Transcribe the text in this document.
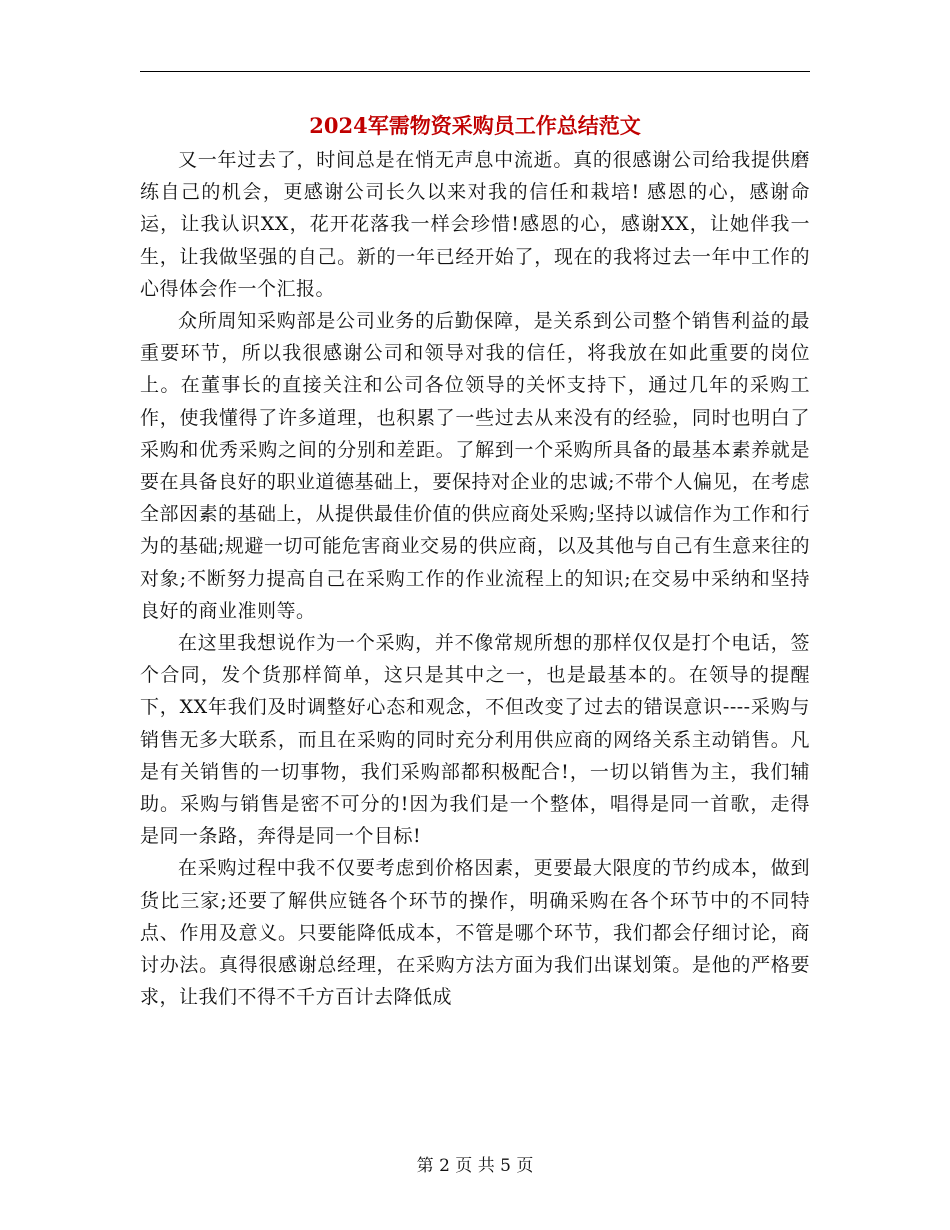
2024军需物资采购员工作总结范文

又一年过去了，时间总是在悄无声息中流逝。真的很感谢公司给我提供磨练自己的机会，更感谢公司长久以来对我的信任和栽培! 感恩的心，感谢命运，让我认识XX，花开花落我一样会珍惜!感恩的心，感谢XX，让她伴我一生，让我做坚强的自己。新的一年已经开始了，现在的我将过去一年中工作的心得体会作一个汇报。

众所周知采购部是公司业务的后勤保障，是关系到公司整个销售利益的最重要环节，所以我很感谢公司和领导对我的信任，将我放在如此重要的岗位上。在董事长的直接关注和公司各位领导的关怀支持下，通过几年的采购工作，使我懂得了许多道理，也积累了一些过去从来没有的经验，同时也明白了采购和优秀采购之间的分别和差距。了解到一个采购所具备的最基本素养就是要在具备良好的职业道德基础上，要保持对企业的忠诚;不带个人偏见，在考虑全部因素的基础上，从提供最佳价值的供应商处采购;坚持以诚信作为工作和行为的基础;规避一切可能危害商业交易的供应商，以及其他与自己有生意来往的对象;不断努力提高自己在采购工作的作业流程上的知识;在交易中采纳和坚持良好的商业准则等。

在这里我想说作为一个采购，并不像常规所想的那样仅仅是打个电话，签个合同，发个货那样简单，这只是其中之一，也是最基本的。在领导的提醒下，XX年我们及时调整好心态和观念，不但改变了过去的错误意识----采购与销售无多大联系，而且在采购的同时充分利用供应商的网络关系主动销售。凡是有关销售的一切事物，我们采购部都积极配合!，一切以销售为主，我们辅助。采购与销售是密不可分的!因为我们是一个整体，唱得是同一首歌，走得是同一条路，奔得是同一个目标!

在采购过程中我不仅要考虑到价格因素，更要最大限度的节约成本，做到货比三家;还要了解供应链各个环节的操作，明确采购在各个环节中的不同特点、作用及意义。只要能降低成本，不管是哪个环节，我们都会仔细讨论，商讨办法。真得很感谢总经理，在采购方法方面为我们出谋划策。是他的严格要求，让我们不得不千方百计去降低成

第 2 页 共 5 页
